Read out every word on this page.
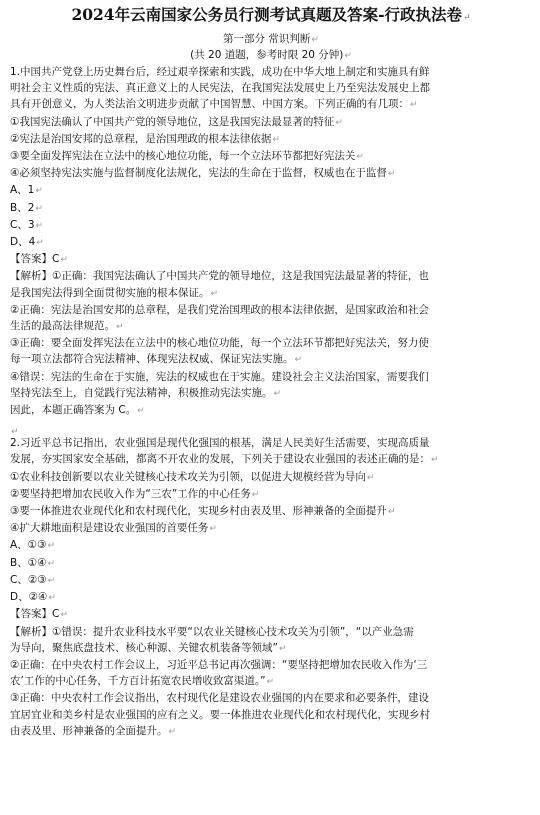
2024年云南国家公务员行测考试真题及答案-行政执法卷↵
第一部分 常识判断↵
(共 20 道题，参考时限 20 分钟)↵

1.中国共产党登上历史舞台后，经过艰辛探索和实践，成功在中华大地上制定和实施具有鲜

明社会主义性质的宪法、真正意义上的人民宪法，在我国宪法发展史上乃至宪法发展史上都

具有开创意义，为人类法治文明进步贡献了中国智慧、中国方案。下列正确的有几项：↵

①我国宪法确认了中国共产党的领导地位，这是我国宪法最显著的特征↵

②宪法是治国安邦的总章程，是治国理政的根本法律依据↵

③要全面发挥宪法在立法中的核心地位功能，每一个立法环节都把好宪法关↵

④必须坚持宪法实施与监督制度化法规化，宪法的生命在于监督，权威也在于监督↵

A、1↵

B、2↵

C、3↵

D、4↵

【答案】C↵

【解析】①正确：我国宪法确认了中国共产党的领导地位，这是我国宪法最显著的特征，也

是我国宪法得到全面贯彻实施的根本保证。↵

②正确：宪法是治国安邦的总章程，是我们党治国理政的根本法律依据，是国家政治和社会

生活的最高法律规范。↵

③正确：要全面发挥宪法在立法中的核心地位功能，每一个立法环节都把好宪法关，努力使

每一项立法都符合宪法精神、体现宪法权威、保证宪法实施。↵

④错误：宪法的生命在于实施，宪法的权威也在于实施。建设社会主义法治国家，需要我们

坚持宪法至上，自觉践行宪法精神，积极推动宪法实施。↵

因此，本题正确答案为 C。↵

↵

2.习近平总书记指出，农业强国是现代化强国的根基，满足人民美好生活需要，实现高质量

发展，夯实国家安全基础，都离不开农业的发展，下列关于建设农业强国的表述正确的是：↵

①农业科技创新要以农业关键核心技术攻关为引领，以促进大规模经营为导向↵

②要坚持把增加农民收入作为“三农”工作的中心任务↵

③要一体推进农业现代化和农村现代化，实现乡村由表及里、形神兼备的全面提升↵

④扩大耕地面积是建设农业强国的首要任务↵

A、①③↵

B、①④↵

C、②③↵

D、②④↵

【答案】C↵

【解析】①错误：提升农业科技水平要“以农业关键核心技术攻关为引领”，“以产业急需

为导向，聚焦底盘技术、核心种源、关键农机装备等领域”↵

②正确：在中央农村工作会议上，习近平总书记再次强调：“要坚持把增加农民收入作为‘三

农’工作的中心任务，千方百计拓宽农民增收致富渠道。”↵

③正确：中央农村工作会议指出，农村现代化是建设农业强国的内在要求和必要条件，建设

宜居宜业和美乡村是农业强国的应有之义。要一体推进农业现代化和农村现代化，实现乡村

由表及里、形神兼备的全面提升。↵
